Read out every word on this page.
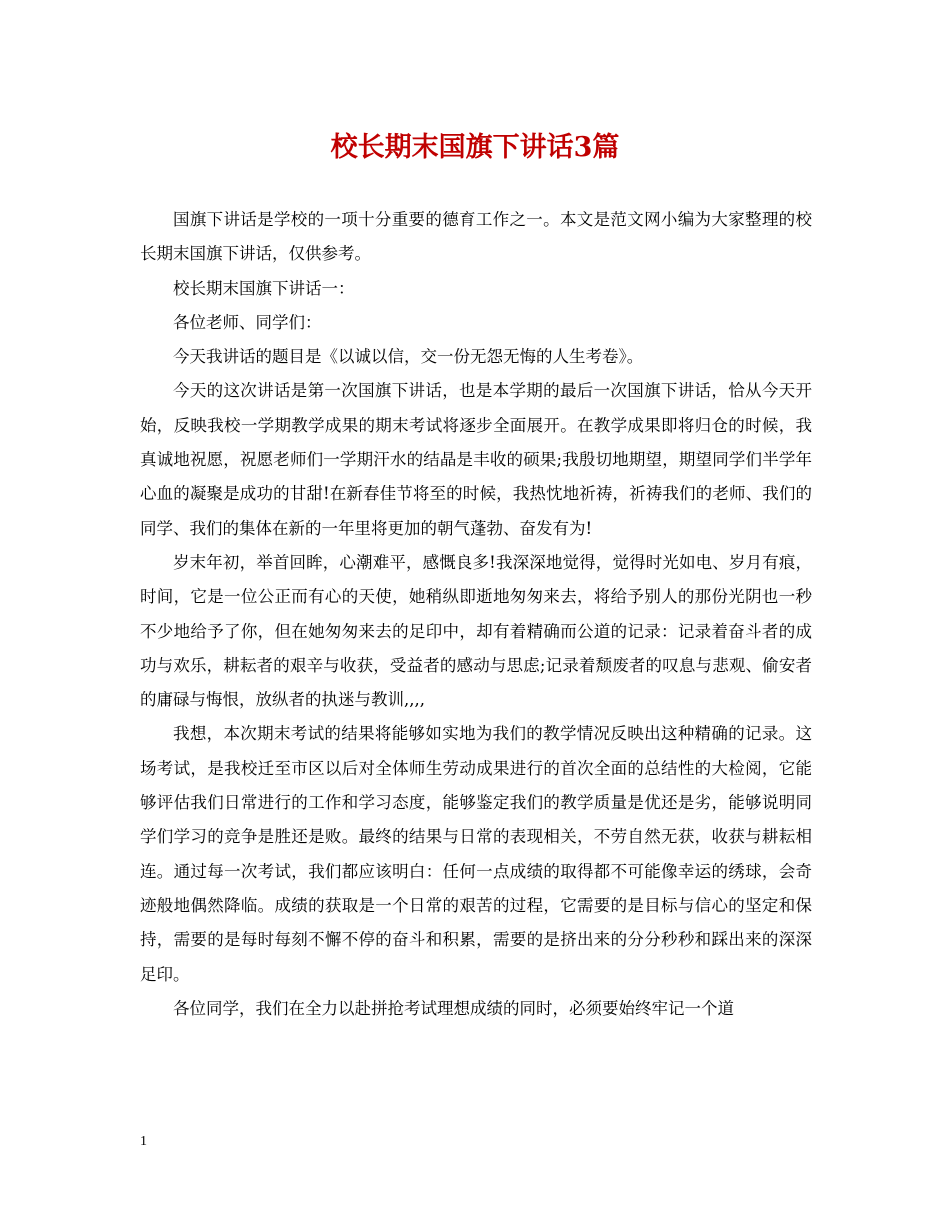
校长期末国旗下讲话3篇

国旗下讲话是学校的一项十分重要的德育工作之一。本文是范文网小编为大家整理的校长期末国旗下讲话，仅供参考。

校长期末国旗下讲话一：

各位老师、同学们：

今天我讲话的题目是《以诚以信，交一份无怨无悔的人生考卷》。

今天的这次讲话是第一次国旗下讲话，也是本学期的最后一次国旗下讲话，恰从今天开始，反映我校一学期教学成果的期末考试将逐步全面展开。在教学成果即将归仓的时候，我真诚地祝愿，祝愿老师们一学期汗水的结晶是丰收的硕果;我殷切地期望，期望同学们半学年心血的凝聚是成功的甘甜!在新春佳节将至的时候，我热忱地祈祷，祈祷我们的老师、我们的同学、我们的集体在新的一年里将更加的朝气蓬勃、奋发有为!

岁末年初，举首回眸，心潮难平，感慨良多!我深深地觉得，觉得时光如电、岁月有痕，时间，它是一位公正而有心的天使，她稍纵即逝地匆匆来去，将给予别人的那份光阴也一秒不少地给予了你，但在她匆匆来去的足印中，却有着精确而公道的记录：记录着奋斗者的成功与欢乐，耕耘者的艰辛与收获，受益者的感动与思虑;记录着颓废者的叹息与悲观、偷安者的庸碌与悔恨，放纵者的执迷与教训,,,,

我想，本次期末考试的结果将能够如实地为我们的教学情况反映出这种精确的记录。这场考试，是我校迁至市区以后对全体师生劳动成果进行的首次全面的总结性的大检阅，它能够评估我们日常进行的工作和学习态度，能够鉴定我们的教学质量是优还是劣，能够说明同学们学习的竞争是胜还是败。最终的结果与日常的表现相关，不劳自然无获，收获与耕耘相连。通过每一次考试，我们都应该明白：任何一点成绩的取得都不可能像幸运的绣球，会奇迹般地偶然降临。成绩的获取是一个日常的艰苦的过程，它需要的是目标与信心的坚定和保持，需要的是每时每刻不懈不停的奋斗和积累，需要的是挤出来的分分秒秒和踩出来的深深足印。

各位同学，我们在全力以赴拼抢考试理想成绩的同时，必须要始终牢记一个道

1
